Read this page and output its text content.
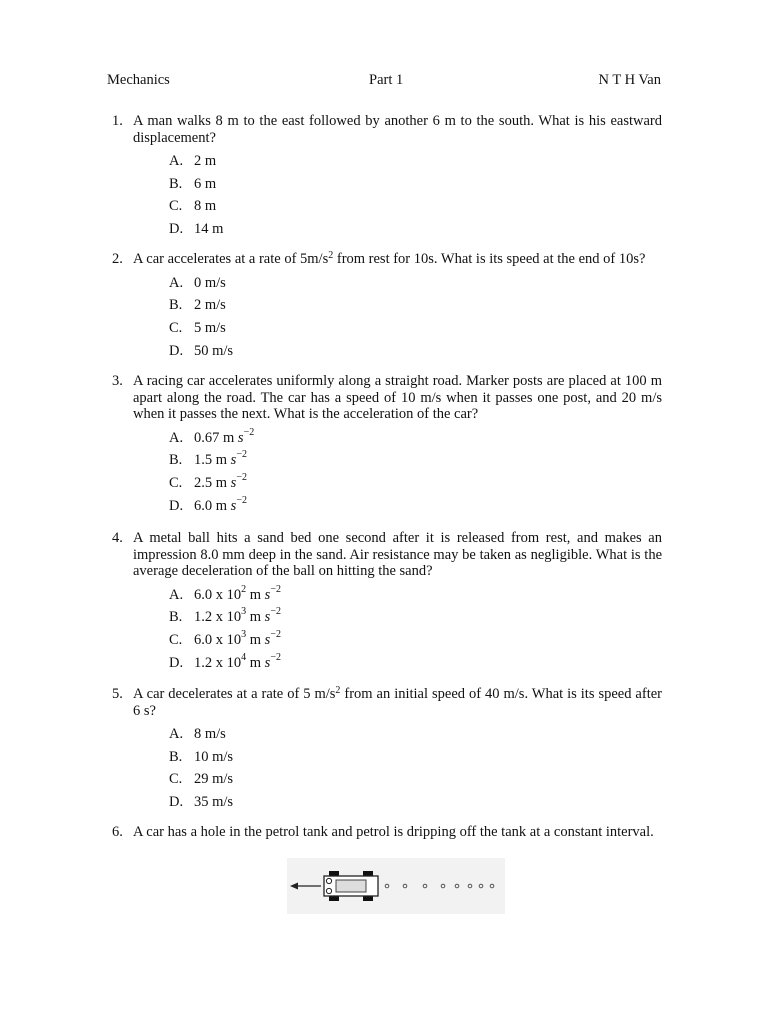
Mechanics	Part 1	N T H Van
1. A man walks 8 m to the east followed by another 6 m to the south. What is his eastward displacement?
A. 2 m
B. 6 m
C. 8 m
D. 14 m
2. A car accelerates at a rate of $5m/s^2$ from rest for 10s. What is its speed at the end of 10s?
A. 0 m/s
B. 2 m/s
C. 5 m/s
D. 50 m/s
3. A racing car accelerates uniformly along a straight road. Marker posts are placed at 100 m apart along the road. The car has a speed of 10 m/s when it passes one post, and 20 m/s when it passes the next. What is the acceleration of the car?
A. 0.67 m $s^{-2}$
B. 1.5 m $s^{-2}$
C. 2.5 m $s^{-2}$
D. 6.0 m $s^{-2}$
4. A metal ball hits a sand bed one second after it is released from rest, and makes an impression 8.0 mm deep in the sand. Air resistance may be taken as negligible. What is the average deceleration of the ball on hitting the sand?
A. 6.0 x $10^2$ m $s^{-2}$
B. 1.2 x $10^3$ m $s^{-2}$
C. 6.0 x $10^3$ m $s^{-2}$
D. 1.2 x $10^4$ m $s^{-2}$
5. A car decelerates at a rate of 5 $m/s^2$ from an initial speed of 40 m/s. What is its speed after 6 s?
A. 8 m/s
B. 10 m/s
C. 29 m/s
D. 35 m/s
6. A car has a hole in the petrol tank and petrol is dripping off the tank at a constant interval.
